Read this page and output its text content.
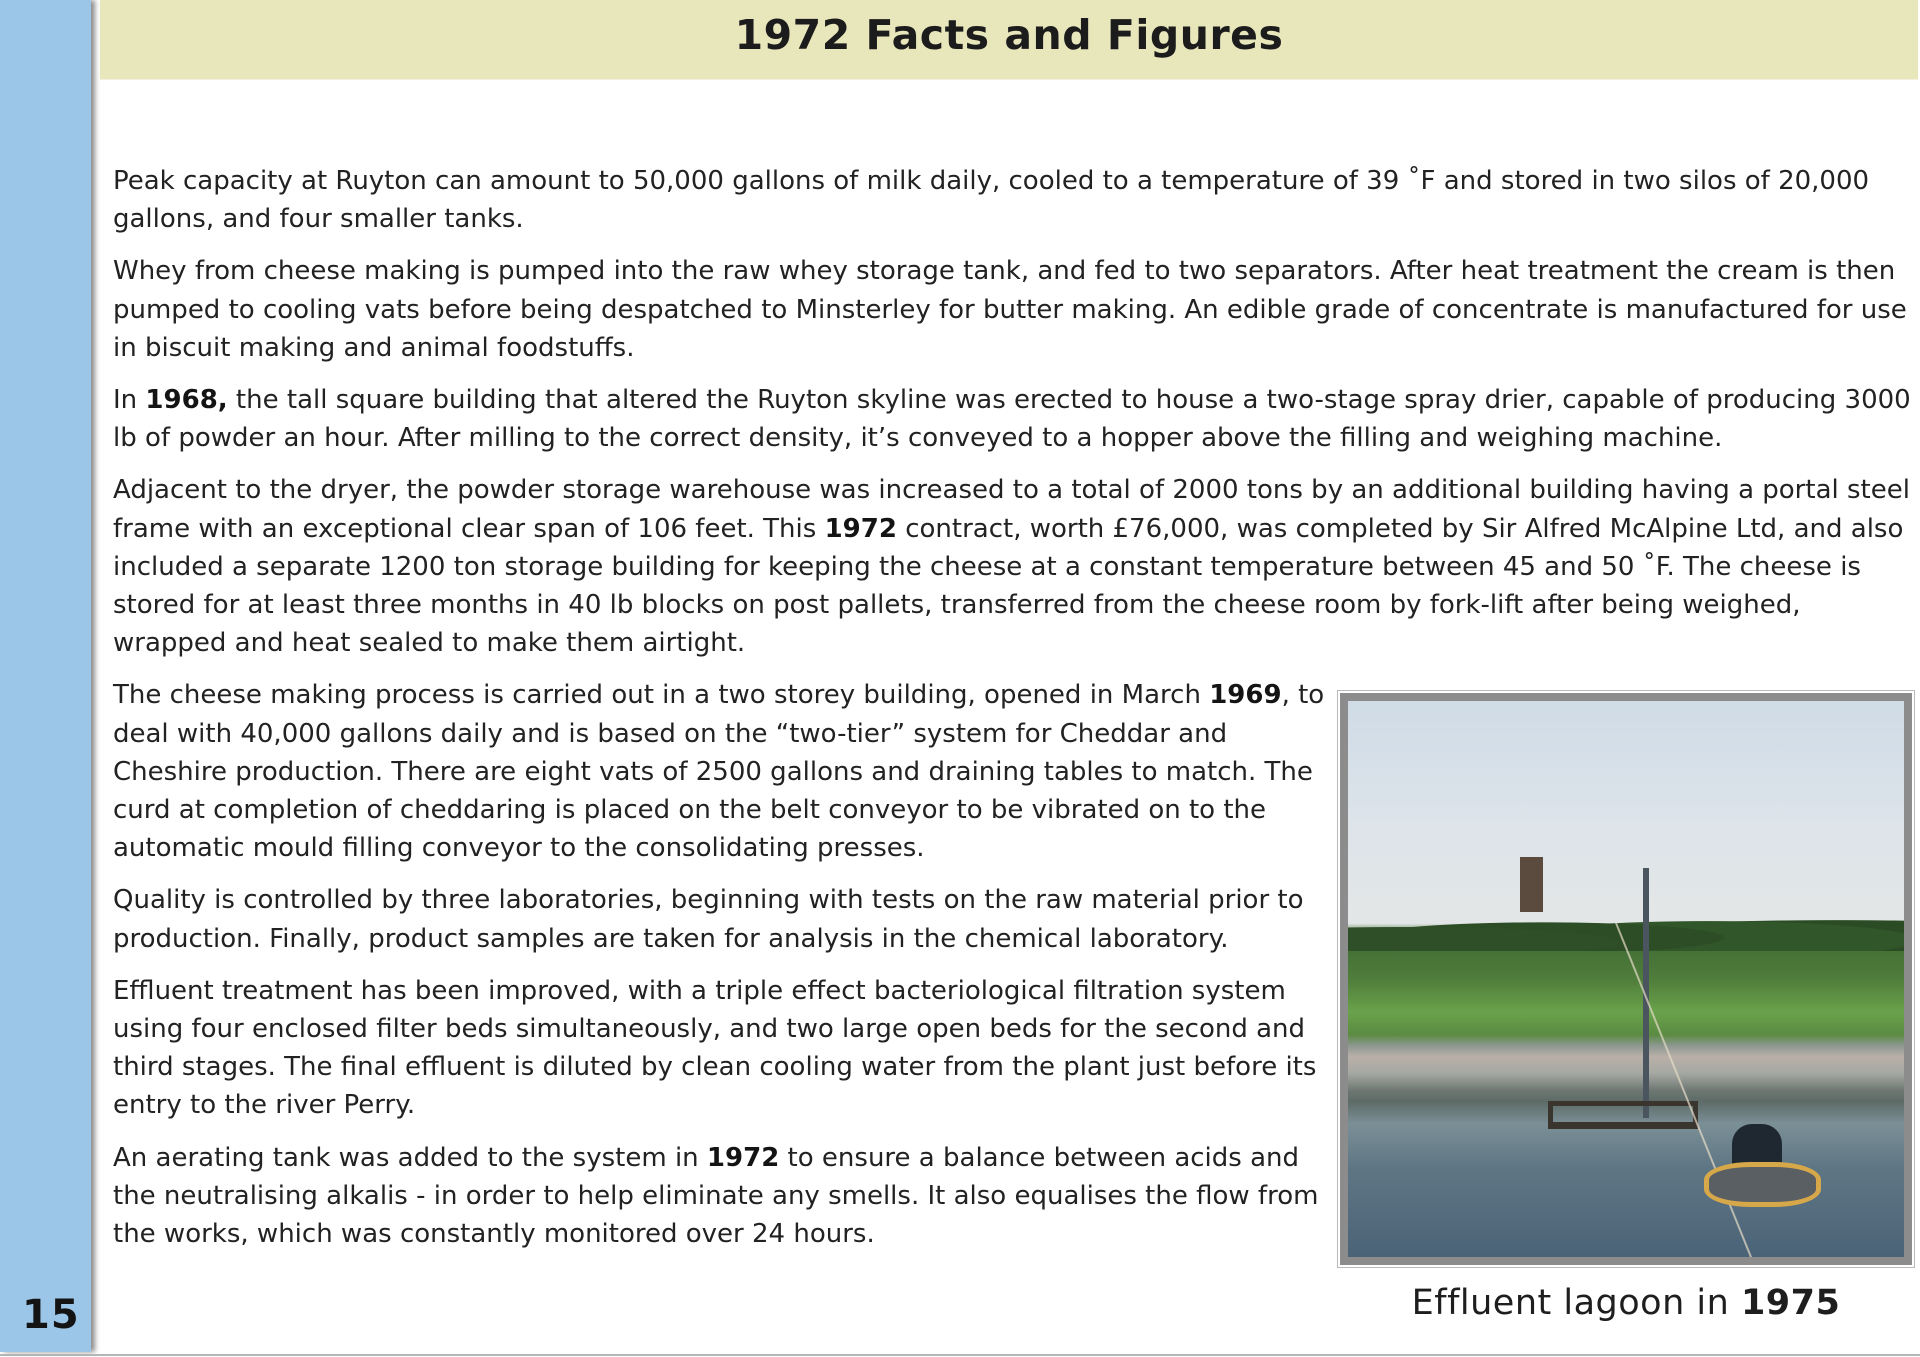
15
1972 Facts and Figures

Peak capacity at Ruyton can amount to 50,000 gallons of milk daily, cooled to a temperature of 39 ˚F and stored in two silos of 20,000 gallons, and four smaller tanks.

Whey from cheese making is pumped into the raw whey storage tank, and fed to two separators. After heat treatment the cream is then pumped to cooling vats before being despatched to Minsterley for butter making. An edible grade of concentrate is manufactured for use in biscuit making and animal foodstuffs.

In 1968, the tall square building that altered the Ruyton skyline was erected to house a two-stage spray drier, capable of producing 3000 lb of powder an hour. After milling to the correct density, it’s conveyed to a hopper above the filling and weighing machine.

Adjacent to the dryer, the powder storage warehouse was increased to a total of 2000 tons by an additional building having a portal steel frame with an exceptional clear span of 106 feet. This 1972 contract, worth £76,000, was completed by Sir Alfred McAlpine Ltd, and also included a separate 1200 ton storage building for keeping the cheese at a constant temperature between 45 and 50 ˚F. The cheese is stored for at least three months in 40 lb blocks on post pallets, transferred from the cheese room by fork-lift after being weighed, wrapped and heat sealed to make them airtight.

The cheese making process is carried out in a two storey building, opened in March 1969, to deal with 40,000 gallons daily and is based on the “two-tier” system for Cheddar and Cheshire production. There are eight vats of 2500 gallons and draining tables to match. The curd at completion of cheddaring is placed on the belt conveyor to be vibrated on to the automatic mould filling conveyor to the consolidating presses.

Quality is controlled by three laboratories, beginning with tests on the raw material prior to production. Finally, product samples are taken for analysis in the chemical laboratory.

Effluent treatment has been improved, with a triple effect bacteriological filtration system using four enclosed filter beds simultaneously, and two large open beds for the second and third stages. The final effluent is diluted by clean cooling water from the plant just before its entry to the river Perry.

An aerating tank was added to the system in 1972 to ensure a balance between acids and the neutralising alkalis - in order to help eliminate any smells. It also equalises the flow from the works, which was constantly monitored over 24 hours.

Effluent lagoon in 1975
